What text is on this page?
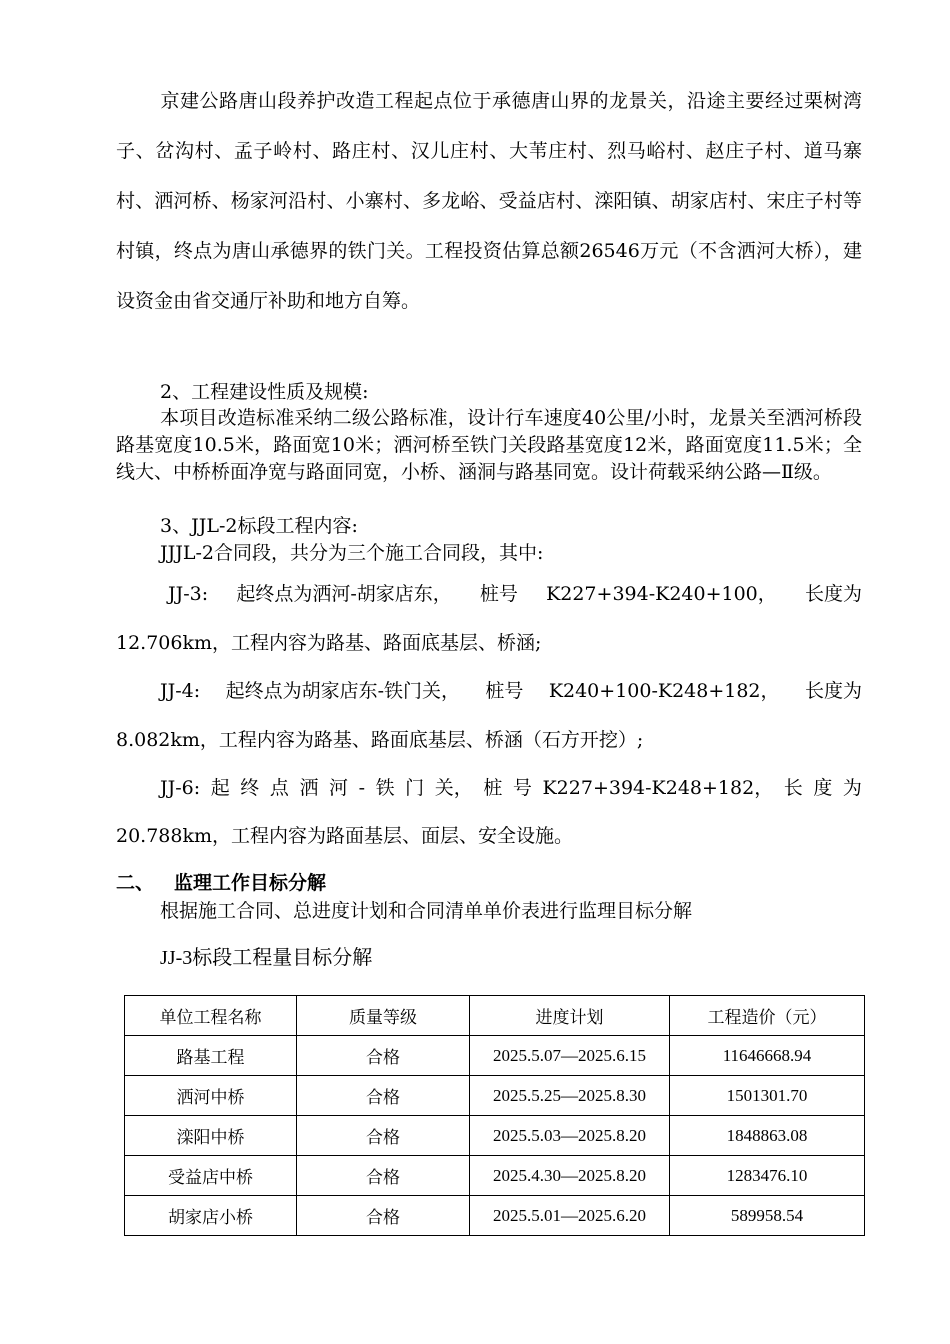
京建公路唐山段养护改造工程起点位于承德唐山界的龙景关，沿途主要经过栗树湾子、岔沟村、孟子岭村、路庄村、汉儿庄村、大苇庄村、烈马峪村、赵庄子村、道马寨村、洒河桥、杨家河沿村、小寨村、多龙峪、受益店村、滦阳镇、胡家店村、宋庄子村等村镇，终点为唐山承德界的铁门关。工程投资估算总额26546万元（不含洒河大桥），建设资金由省交通厅补助和地方自筹。
2、工程建设性质及规模:
本项目改造标准采纳二级公路标准，设计行车速度40公里/小时，龙景关至洒河桥段路基宽度10.5米，路面宽10米；洒河桥至铁门关段路基宽度12米，路面宽度11.5米；全线大、中桥桥面净宽与路面同宽，小桥、涵洞与路基同宽。设计荷载采纳公路—Ⅱ级。
3、JJL-2标段工程内容:
JJJL-2合同段，共分为三个施工合同段，其中:
JJ-3: 起终点为洒河-胡家店东， 桩号 K227+394-K240+100， 长度为
12.706km，工程内容为路基、路面底基层、桥涵;
JJ-4: 起终点为胡家店东-铁门关， 桩号 K240+100-K248+182， 长度为
8.082km，工程内容为路基、路面底基层、桥涵（石方开挖）;
JJ-6: 起 终 点 洒 河 - 铁 门 关， 桩 号 K227+394-K248+182， 长 度 为
20.788km，工程内容为路面基层、面层、安全设施。
二、 监理工作目标分解
根据施工合同、总进度计划和合同清单单价表进行监理目标分解
JJ-3标段工程量目标分解
单位工程名称	质量等级	进度计划	工程造价（元）
路基工程	合格	2025.5.07—2025.6.15	11646668.94
洒河中桥	合格	2025.5.25—2025.8.30	1501301.70
滦阳中桥	合格	2025.5.03—2025.8.20	1848863.08
受益店中桥	合格	2025.4.30—2025.8.20	1283476.10
胡家店小桥	合格	2025.5.01—2025.6.20	589958.54
